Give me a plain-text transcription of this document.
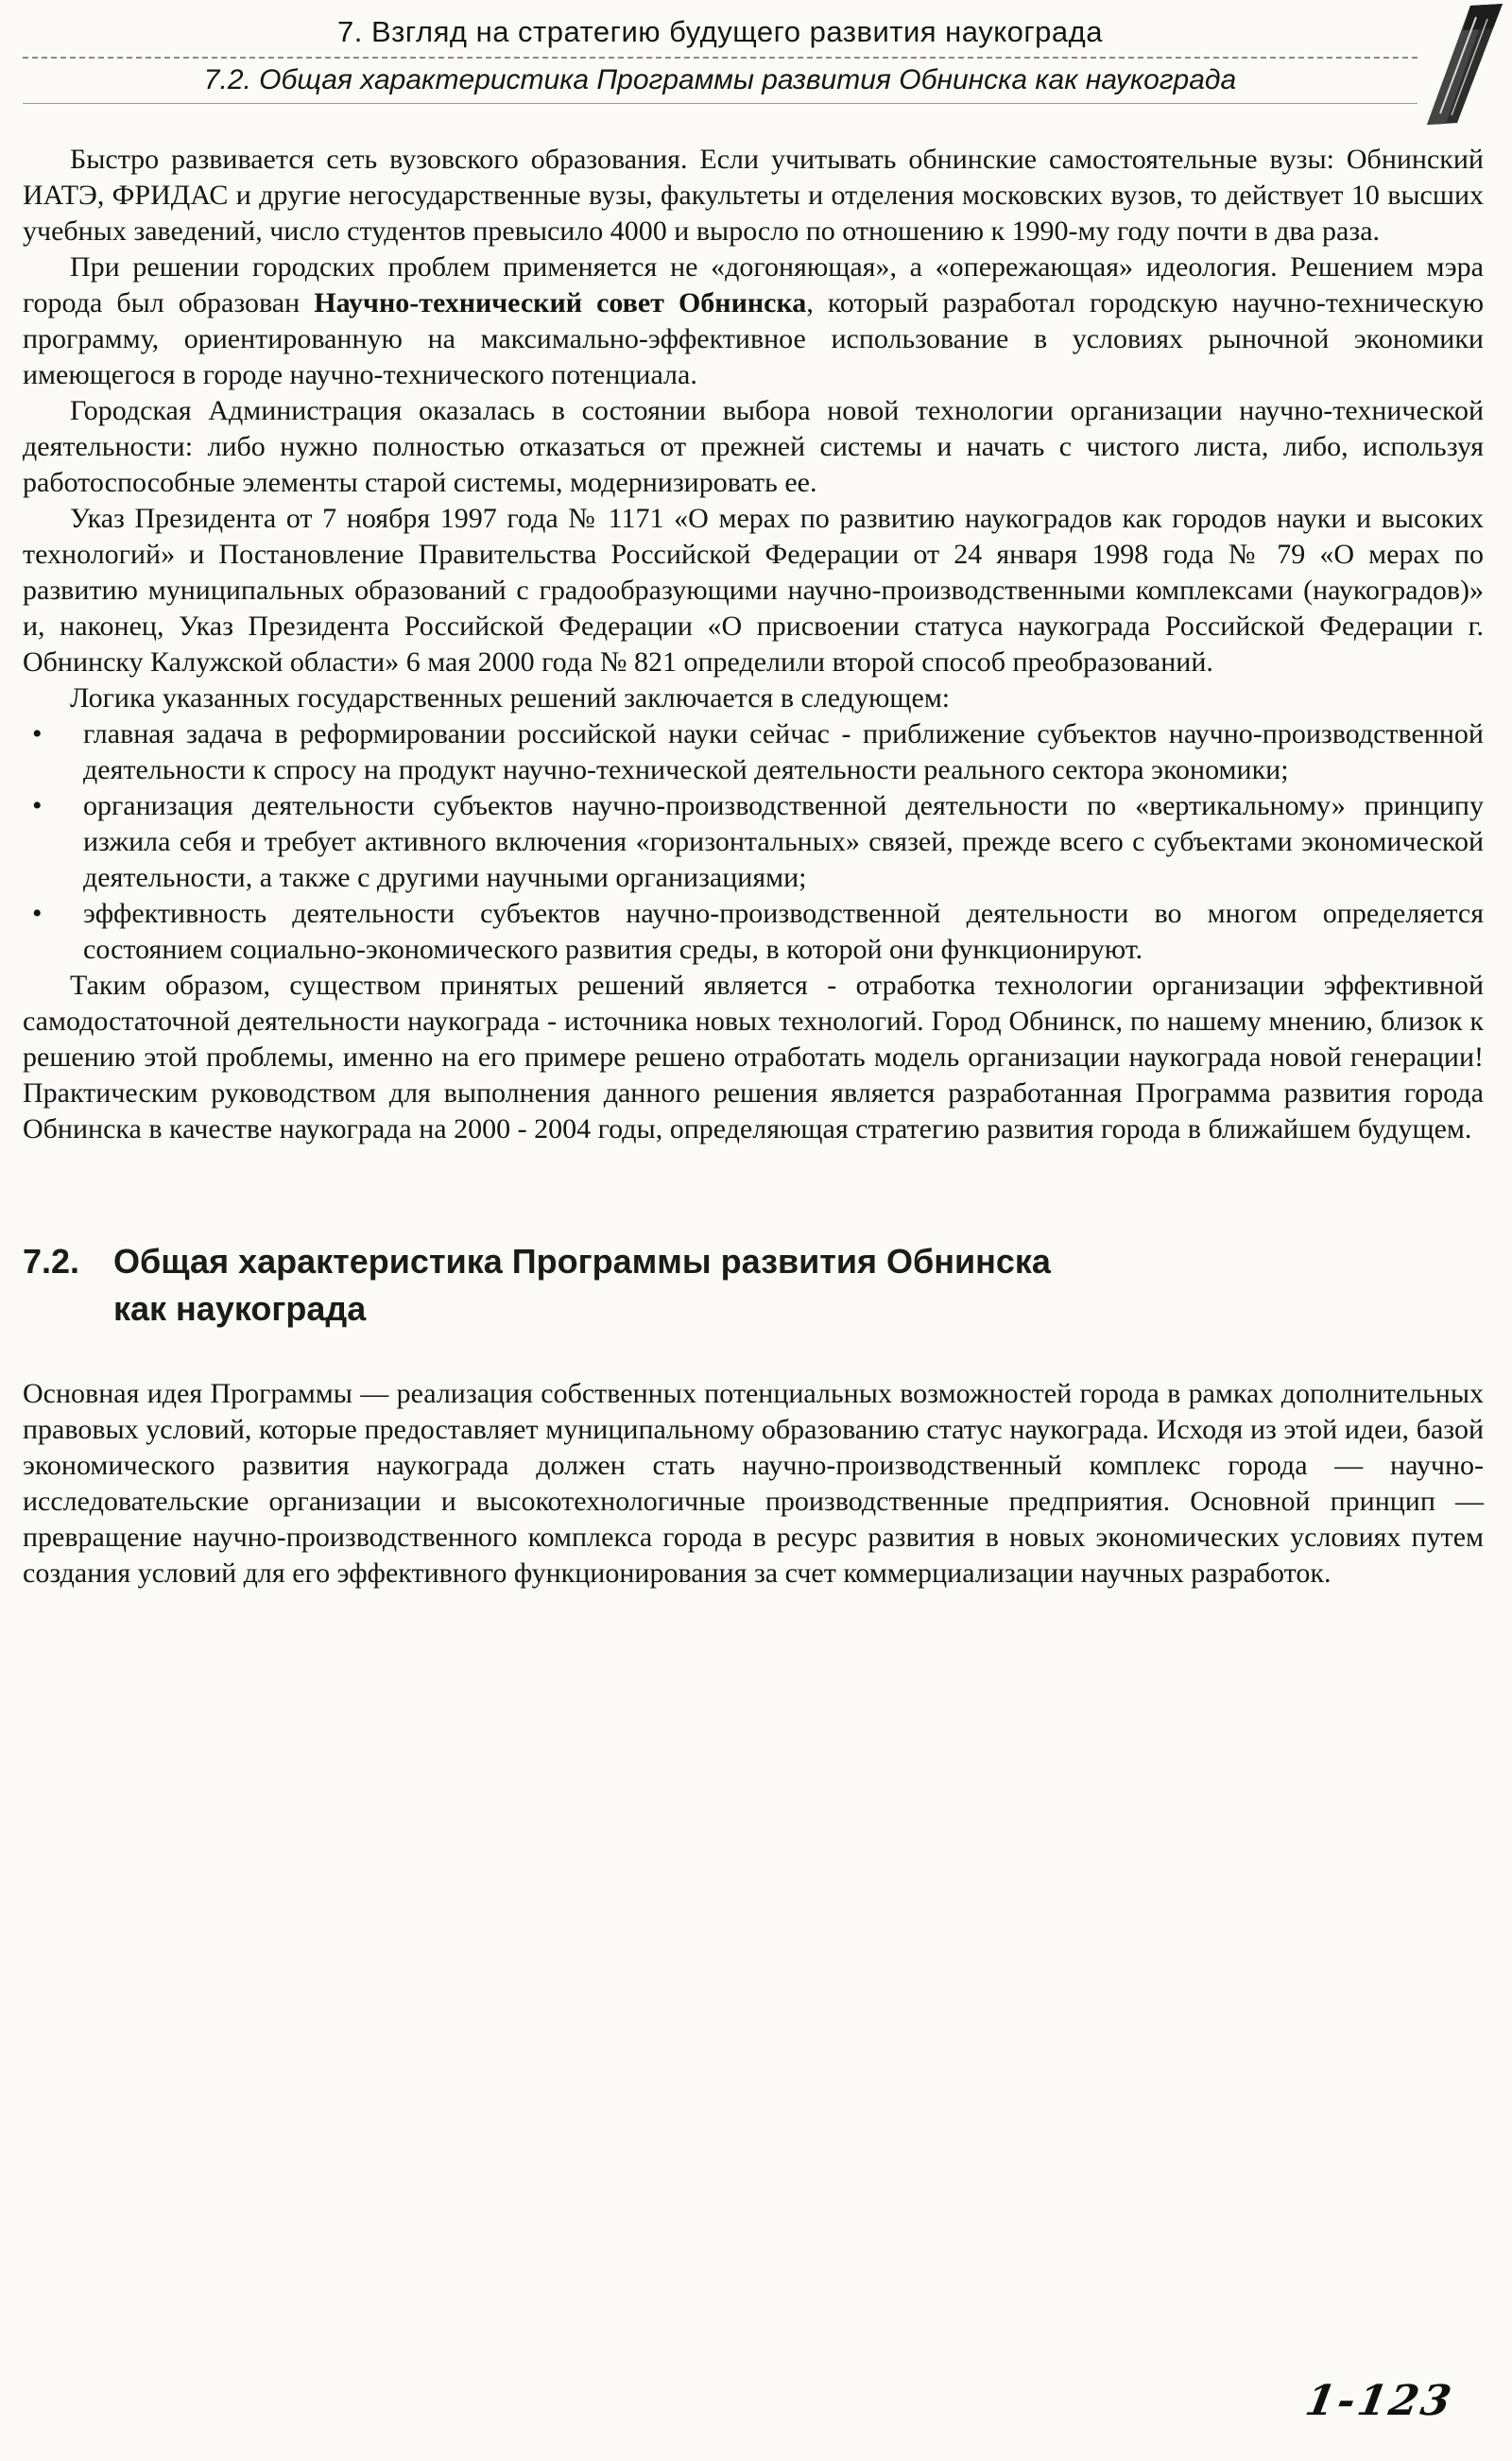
7. Взгляд на стратегию будущего развития наукограда
7.2. Общая характеристика Программы развития Обнинска как наукограда

Быстро развивается сеть вузовского образования. Если учитывать обнинские самостоятельные вузы: Обнинский ИАТЭ, ФРИДАС и другие негосударственные вузы, факультеты и отделения московских вузов, то действует 10 высших учебных заведений, число студентов превысило 4000 и выросло по отношению к 1990-му году почти в два раза.

При решении городских проблем применяется не «догоняющая», а «опережающая» идеология. Решением мэра города был образован Научно-технический совет Обнинска, который разработал городскую научно-техническую программу, ориентированную на максимально-эффективное использование в условиях рыночной экономики имеющегося в городе научно-технического потенциала.

Городская Администрация оказалась в состоянии выбора новой технологии организации научно-технической деятельности: либо нужно полностью отказаться от прежней системы и начать с чистого листа, либо, используя работоспособные элементы старой системы, модернизировать ее.

Указ Президента от 7 ноября 1997 года № 1171 «О мерах по развитию наукоградов как городов науки и высоких технологий» и Постановление Правительства Российской Федерации от 24 января 1998 года № 79 «О мерах по развитию муниципальных образований с градообразующими научно-производственными комплексами (наукоградов)» и, наконец, Указ Президента Российской Федерации «О присвоении статуса наукограда Российской Федерации г. Обнинску Калужской области» 6 мая 2000 года № 821 определили второй способ преобразований.

Логика указанных государственных решений заключается в следующем:

• главная задача в реформировании российской науки сейчас - приближение субъектов научно-производственной деятельности к спросу на продукт научно-технической деятельности реального сектора экономики;
• организация деятельности субъектов научно-производственной деятельности по «вертикальному» принципу изжила себя и требует активного включения «горизонтальных» связей, прежде всего с субъектами экономической деятельности, а также с другими научными организациями;
• эффективность деятельности субъектов научно-производственной деятельности во многом определяется состоянием социально-экономического развития среды, в которой они функционируют.

Таким образом, существом принятых решений является - отработка технологии организации эффективной самодостаточной деятельности наукограда - источника новых технологий. Город Обнинск, по нашему мнению, близок к решению этой проблемы, именно на его примере решено отработать модель организации наукограда новой генерации! Практическим руководством для выполнения данного решения является разработанная Программа развития города Обнинска в качестве наукограда на 2000 - 2004 годы, определяющая стратегию развития города в ближайшем будущем.

7.2. Общая характеристика Программы развития Обнинска
как наукограда

Основная идея Программы — реализация собственных потенциальных возможностей города в рамках дополнительных правовых условий, которые предоставляет муниципальному образованию статус наукограда. Исходя из этой идеи, базой экономического развития наукограда должен стать научно-производственный комплекс города — научно-исследовательские организации и высокотехнологичные производственные предприятия. Основной принцип — превращение научно-производственного комплекса города в ресурс развития в новых экономических условиях путем создания условий для его эффективного функционирования за счет коммерциализации научных разработок.

1-123
